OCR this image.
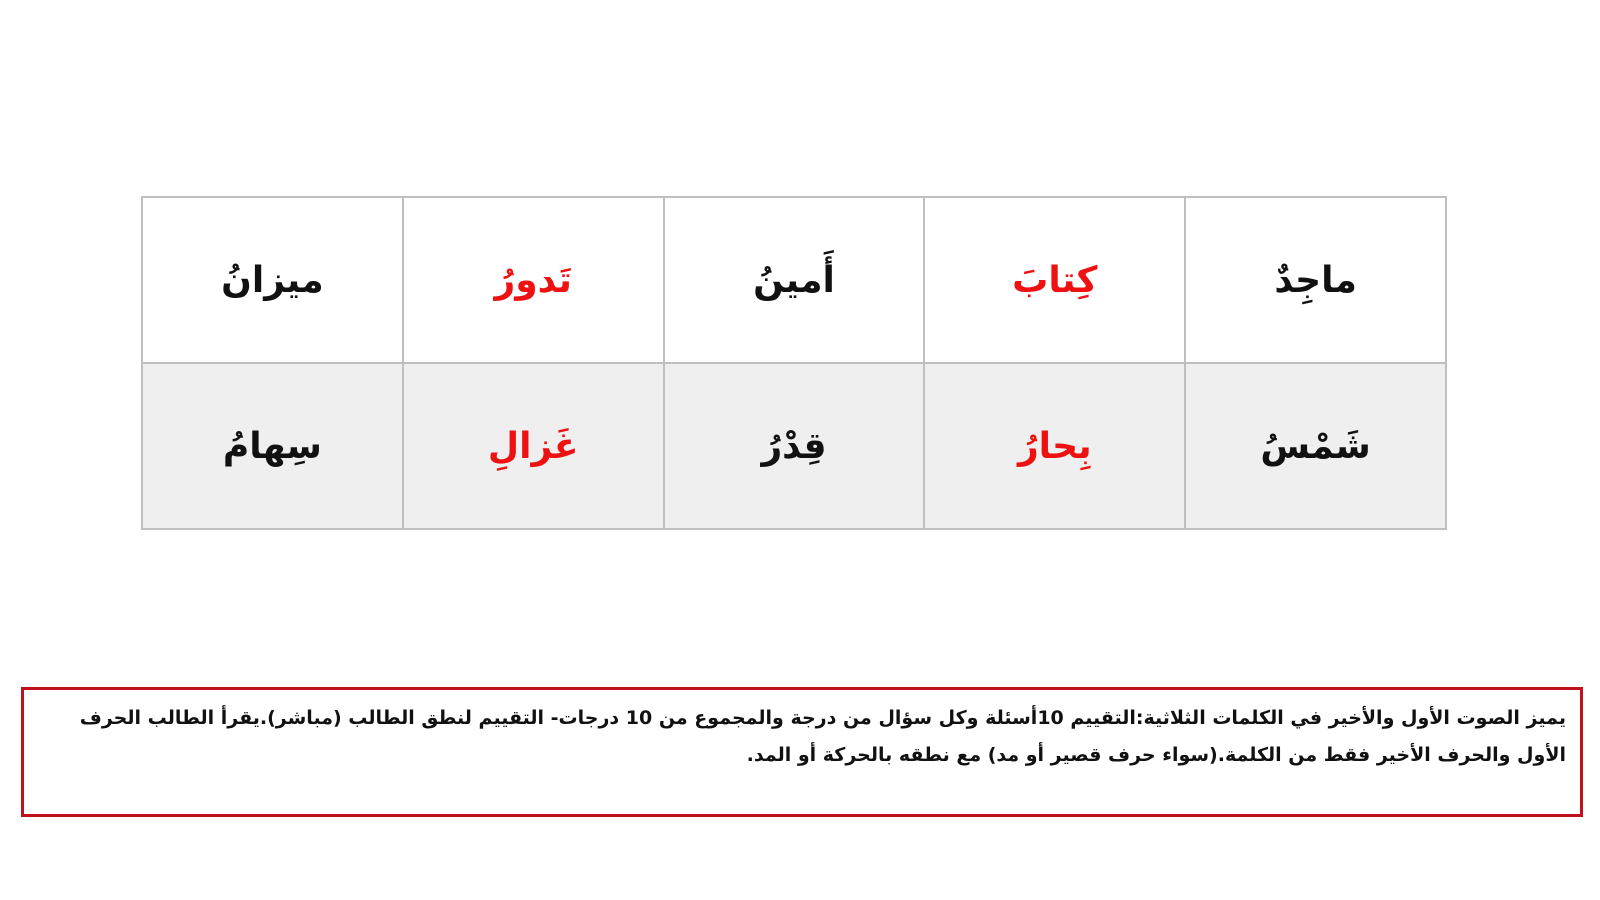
ماجِدٌ	كِتابَ	أَمينُ	تَدورُ	ميزانُ
شَمْسُ	بِحارُ	قِدْرُ	غَزالِ	سِهامُ
يميز الصوت الأول والأخير في الكلمات الثلاثية:التقييم 10أسئلة وكل سؤال من درجة والمجموع من 10 درجات- التقييم لنطق الطالب (مباشر).يقرأ الطالب الحرف الأول والحرف الأخير فقط من الكلمة.(سواء حرف قصير أو مد) مع نطقه بالحركة أو المد.
